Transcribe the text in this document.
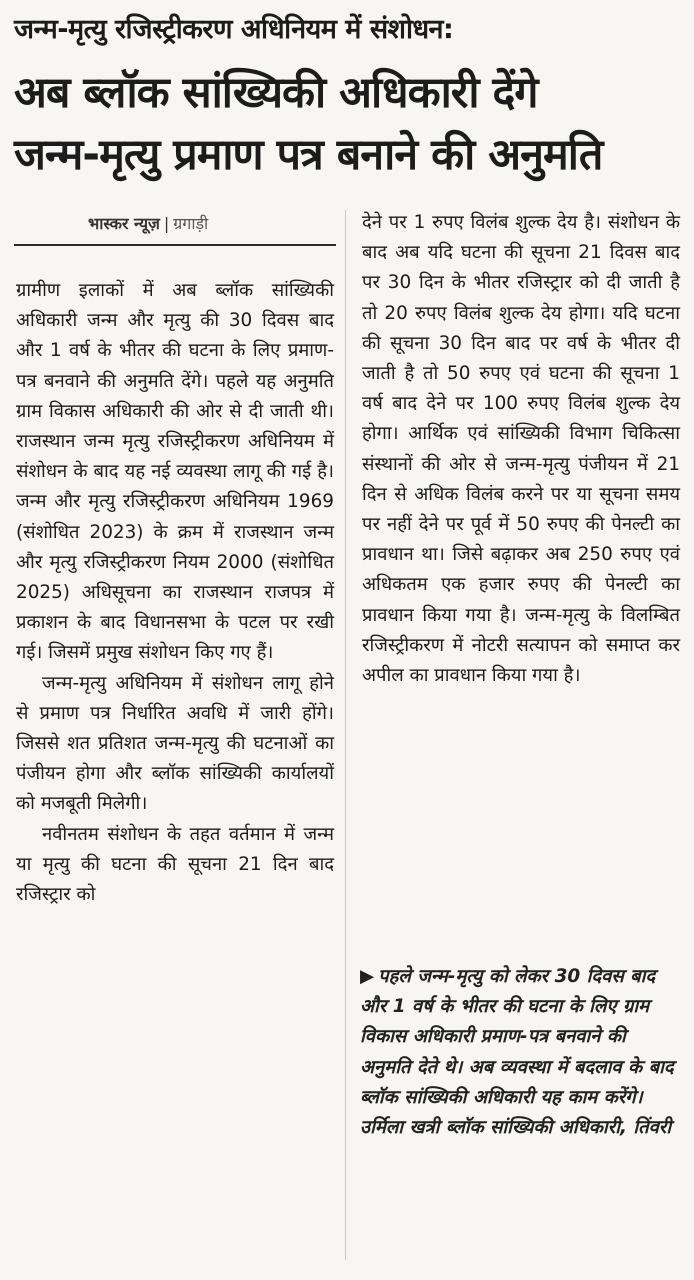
जन्म-मृत्यु रजिस्ट्रीकरण अधिनियम में संशोधन:
अब ब्लॉक सांख्यिकी अधिकारी देंगे
जन्म-मृत्यु प्रमाण पत्र बनाने की अनुमति
भास्कर न्यूज़ | ग्रगाड़ी

ग्रामीण इलाकों में अब ब्लॉक सांख्यिकी अधिकारी जन्म और मृत्यु की 30 दिवस बाद और 1 वर्ष के भीतर की घटना के लिए प्रमाण-पत्र बनवाने की अनुमति देंगे। पहले यह अनुमति ग्राम विकास अधिकारी की ओर से दी जाती थी। राजस्थान जन्म मृत्यु रजिस्ट्रीकरण अधिनियम में संशोधन के बाद यह नई व्यवस्था लागू की गई है। जन्म और मृत्यु रजिस्ट्रीकरण अधिनियम 1969 (संशोधित 2023) के क्रम में राजस्थान जन्म और मृत्यु रजिस्ट्रीकरण नियम 2000 (संशोधित 2025) अधिसूचना का राजस्थान राजपत्र में प्रकाशन के बाद विधानसभा के पटल पर रखी गई। जिसमें प्रमुख संशोधन किए गए हैं।

जन्म-मृत्यु अधिनियम में संशोधन लागू होने से प्रमाण पत्र निर्धारित अवधि में जारी होंगे। जिससे शत प्रतिशत जन्म-मृत्यु की घटनाओं का पंजीयन होगा और ब्लॉक सांख्यिकी कार्यालयों को मजबूती मिलेगी।

नवीनतम संशोधन के तहत वर्तमान में जन्म या मृत्यु की घटना की सूचना 21 दिन बाद रजिस्ट्रार को

देने पर 1 रुपए विलंब शुल्क देय है। संशोधन के बाद अब यदि घटना की सूचना 21 दिवस बाद पर 30 दिन के भीतर रजिस्ट्रार को दी जाती है तो 20 रुपए विलंब शुल्क देय होगा। यदि घटना की सूचना 30 दिन बाद पर वर्ष के भीतर दी जाती है तो 50 रुपए एवं घटना की सूचना 1 वर्ष बाद देने पर 100 रुपए विलंब शुल्क देय होगा। आर्थिक एवं सांख्यिकी विभाग चिकित्सा संस्थानों की ओर से जन्म-मृत्यु पंजीयन में 21 दिन से अधिक विलंब करने पर या सूचना समय पर नहीं देने पर पूर्व में 50 रुपए की पेनल्टी का प्रावधान था। जिसे बढ़ाकर अब 250 रुपए एवं अधिकतम एक हजार रुपए की पेनल्टी का प्रावधान किया गया है। जन्म-मृत्यु के विलम्बित रजिस्ट्रीकरण में नोटरी सत्यापन को समाप्त कर अपील का प्रावधान किया गया है।

▶ पहले जन्म-मृत्यु को लेकर 30 दिवस बाद और 1 वर्ष के भीतर की घटना के लिए ग्राम विकास अधिकारी प्रमाण-पत्र बनवाने की अनुमति देते थे। अब व्यवस्था में बदलाव के बाद ब्लॉक सांख्यिकी अधिकारी यह काम करेंगे। उर्मिला खत्री ब्लॉक सांख्यिकी अधिकारी, तिंवरी
